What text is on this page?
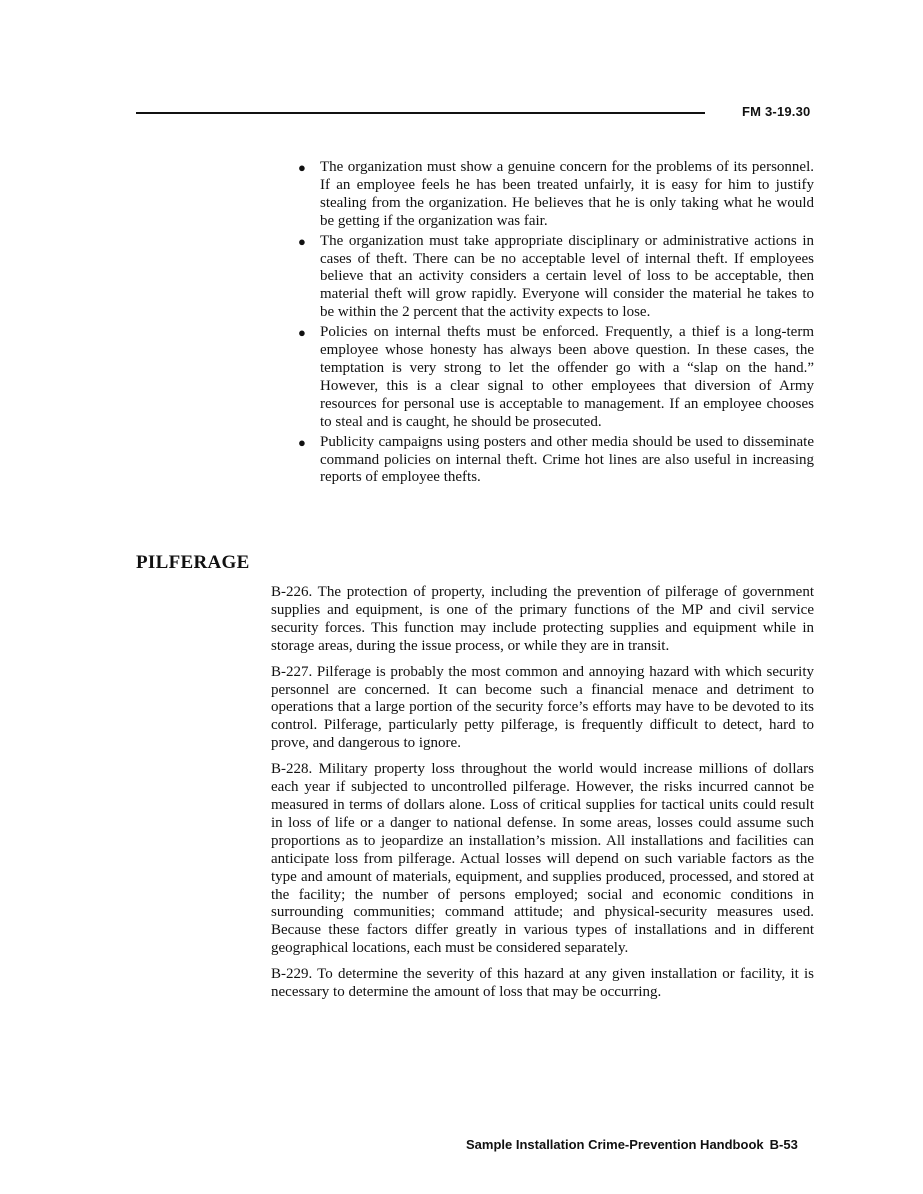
FM 3-19.30
● The organization must show a genuine concern for the problems of its personnel. If an employee feels he has been treated unfairly, it is easy for him to justify stealing from the organization. He believes that he is only taking what he would be getting if the organization was fair.
● The organization must take appropriate disciplinary or administrative actions in cases of theft. There can be no acceptable level of internal theft. If employees believe that an activity considers a certain level of loss to be acceptable, then material theft will grow rapidly. Everyone will consider the material he takes to be within the 2 percent that the activity expects to lose.
● Policies on internal thefts must be enforced. Frequently, a thief is a long-term employee whose honesty has always been above question. In these cases, the temptation is very strong to let the offender go with a “slap on the hand.” However, this is a clear signal to other employees that diversion of Army resources for personal use is acceptable to management. If an employee chooses to steal and is caught, he should be prosecuted.
● Publicity campaigns using posters and other media should be used to disseminate command policies on internal theft. Crime hot lines are also useful in increasing reports of employee thefts.
PILFERAGE

B-226. The protection of property, including the prevention of pilferage of government supplies and equipment, is one of the primary functions of the MP and civil service security forces. This function may include protecting supplies and equipment while in storage areas, during the issue process, or while they are in transit.

B-227. Pilferage is probably the most common and annoying hazard with which security personnel are concerned. It can become such a financial menace and detriment to operations that a large portion of the security force’s efforts may have to be devoted to its control. Pilferage, particularly petty pilferage, is frequently difficult to detect, hard to prove, and dangerous to ignore.

B-228. Military property loss throughout the world would increase millions of dollars each year if subjected to uncontrolled pilferage. However, the risks incurred cannot be measured in terms of dollars alone. Loss of critical supplies for tactical units could result in loss of life or a danger to national defense. In some areas, losses could assume such proportions as to jeopardize an installation’s mission. All installations and facilities can anticipate loss from pilferage. Actual losses will depend on such variable factors as the type and amount of materials, equipment, and supplies produced, processed, and stored at the facility; the number of persons employed; social and economic conditions in surrounding communities; command attitude; and physical-security measures used. Because these factors differ greatly in various types of installations and in different geographical locations, each must be considered separately.

B-229. To determine the severity of this hazard at any given installation or facility, it is necessary to determine the amount of loss that may be occurring.

Sample Installation Crime-Prevention Handbook B-53
